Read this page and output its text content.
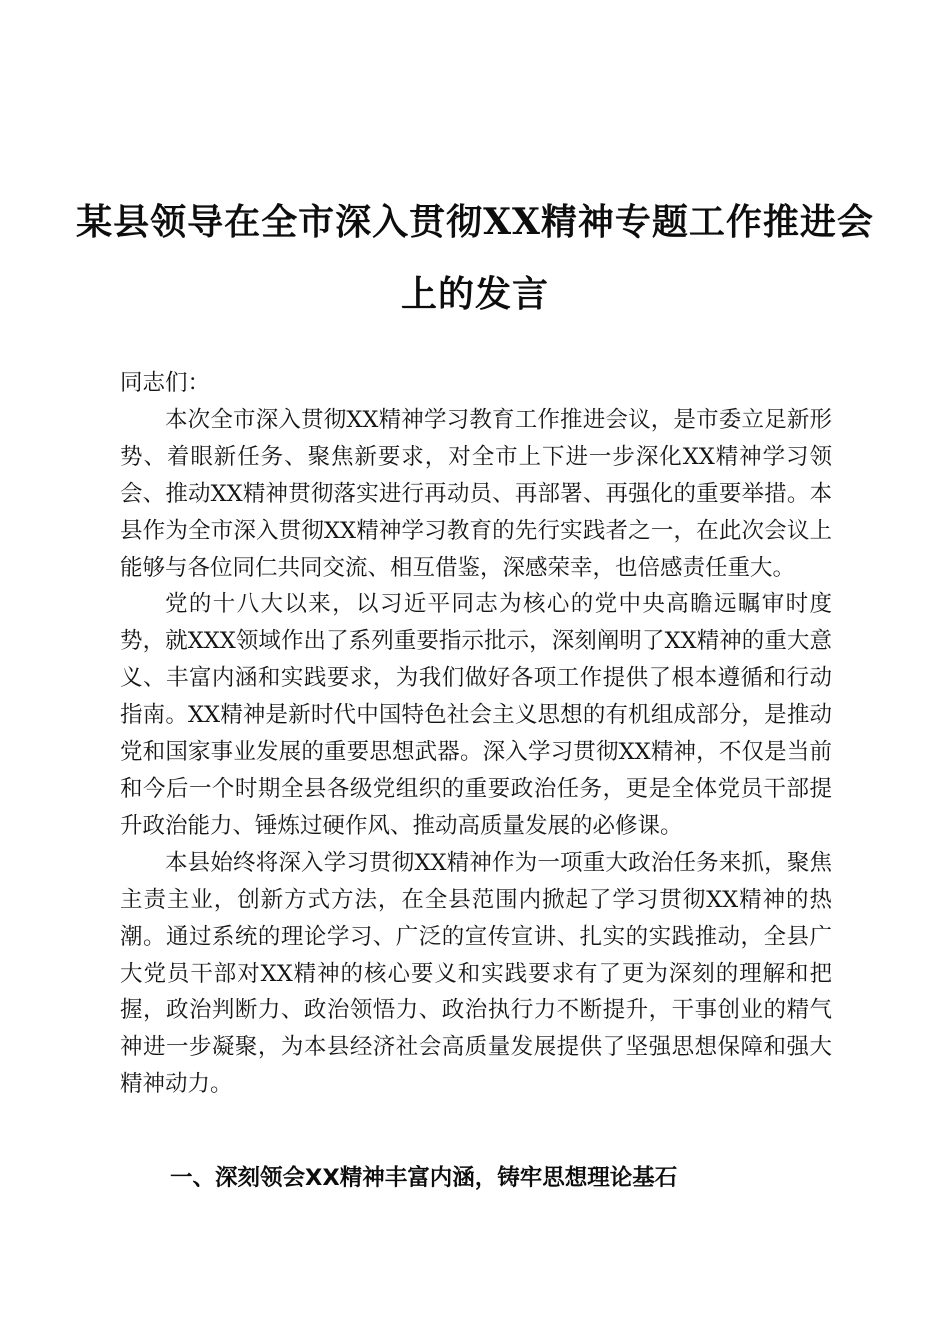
某县领导在全市深入贯彻XX精神专题工作推进会上的发言

同志们：

本次全市深入贯彻XX精神学习教育工作推进会议，是市委立足新形势、着眼新任务、聚焦新要求，对全市上下进一步深化XX精神学习领会、推动XX精神贯彻落实进行再动员、再部署、再强化的重要举措。本县作为全市深入贯彻XX精神学习教育的先行实践者之一，在此次会议上能够与各位同仁共同交流、相互借鉴，深感荣幸，也倍感责任重大。

党的十八大以来，以习近平同志为核心的党中央高瞻远瞩审时度势，就XXX领域作出了系列重要指示批示，深刻阐明了XX精神的重大意义、丰富内涵和实践要求，为我们做好各项工作提供了根本遵循和行动指南。XX精神是新时代中国特色社会主义思想的有机组成部分，是推动党和国家事业发展的重要思想武器。深入学习贯彻XX精神，不仅是当前和今后一个时期全县各级党组织的重要政治任务，更是全体党员干部提升政治能力、锤炼过硬作风、推动高质量发展的必修课。

本县始终将深入学习贯彻XX精神作为一项重大政治任务来抓，聚焦主责主业，创新方式方法，在全县范围内掀起了学习贯彻XX精神的热潮。通过系统的理论学习、广泛的宣传宣讲、扎实的实践推动，全县广大党员干部对XX精神的核心要义和实践要求有了更为深刻的理解和把握，政治判断力、政治领悟力、政治执行力不断提升，干事创业的精气神进一步凝聚，为本县经济社会高质量发展提供了坚强思想保障和强大精神动力。

一、深刻领会XX精神丰富内涵，铸牢思想理论基石
